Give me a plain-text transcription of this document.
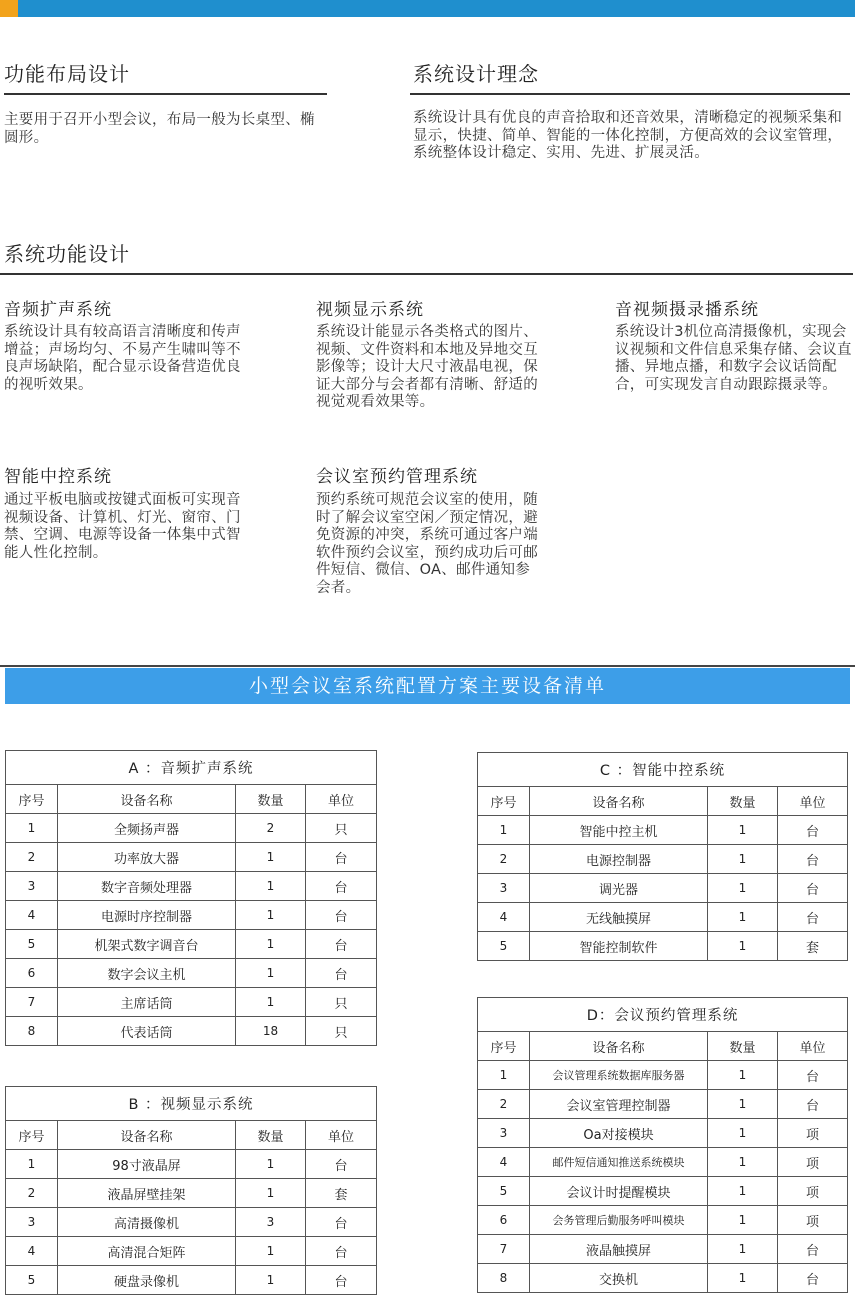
功能布局设计
主要用于召开小型会议，布局一般为长桌型、椭圆形。
系统设计理念
系统设计具有优良的声音拾取和还音效果，清晰稳定的视频采集和显示，快捷、简单、智能的一体化控制，方便高效的会议室管理，系统整体设计稳定、实用、先进、扩展灵活。
系统功能设计
音频扩声系统
系统设计具有较高语言清晰度和传声增益；声场均匀、不易产生啸叫等不良声场缺陷，配合显示设备营造优良的视听效果。
视频显示系统
系统设计能显示各类格式的图片、视频、文件资料和本地及异地交互影像等；设计大尺寸液晶电视，保证大部分与会者都有清晰、舒适的视觉观看效果等。
音视频摄录播系统
系统设计3机位高清摄像机，实现会议视频和文件信息采集存储、会议直播、异地点播，和数字会议话筒配合，可实现发言自动跟踪摄录等。
智能中控系统
通过平板电脑或按键式面板可实现音视频设备、计算机、灯光、窗帘、门禁、空调、电源等设备一体集中式智能人性化控制。
会议室预约管理系统
预约系统可规范会议室的使用，随时了解会议室空闲／预定情况，避免资源的冲突，系统可通过客户端软件预约会议室，预约成功后可邮件短信、微信、OA、邮件通知参会者。
小型会议室系统配置方案主要设备清单
A ：音频扩声系统			
序号	设备名称	数量	单位
1	全频扬声器	2	只
2	功率放大器	1	台
3	数字音频处理器	1	台
4	电源时序控制器	1	台
5	机架式数字调音台	1	台
6	数字会议主机	1	台
7	主席话筒	1	只
8	代表话筒	18	只
B ：视频显示系统			
序号	设备名称	数量	单位
1	98寸液晶屏	1	台
2	液晶屏壁挂架	1	套
3	高清摄像机	3	台
4	高清混合矩阵	1	台
5	硬盘录像机	1	台
C ：智能中控系统			
序号	设备名称	数量	单位
1	智能中控主机	1	台
2	电源控制器	1	台
3	调光器	1	台
4	无线触摸屏	1	台
5	智能控制软件	1	套
D：会议预约管理系统			
序号	设备名称	数量	单位
1	会议管理系统数据库服务器	1	台
2	会议室管理控制器	1	台
3	Oa对接模块	1	项
4	邮件短信通知推送系统模块	1	项
5	会议计时提醒模块	1	项
6	会务管理后勤服务呼叫模块	1	项
7	液晶触摸屏	1	台
8	交换机	1	台
